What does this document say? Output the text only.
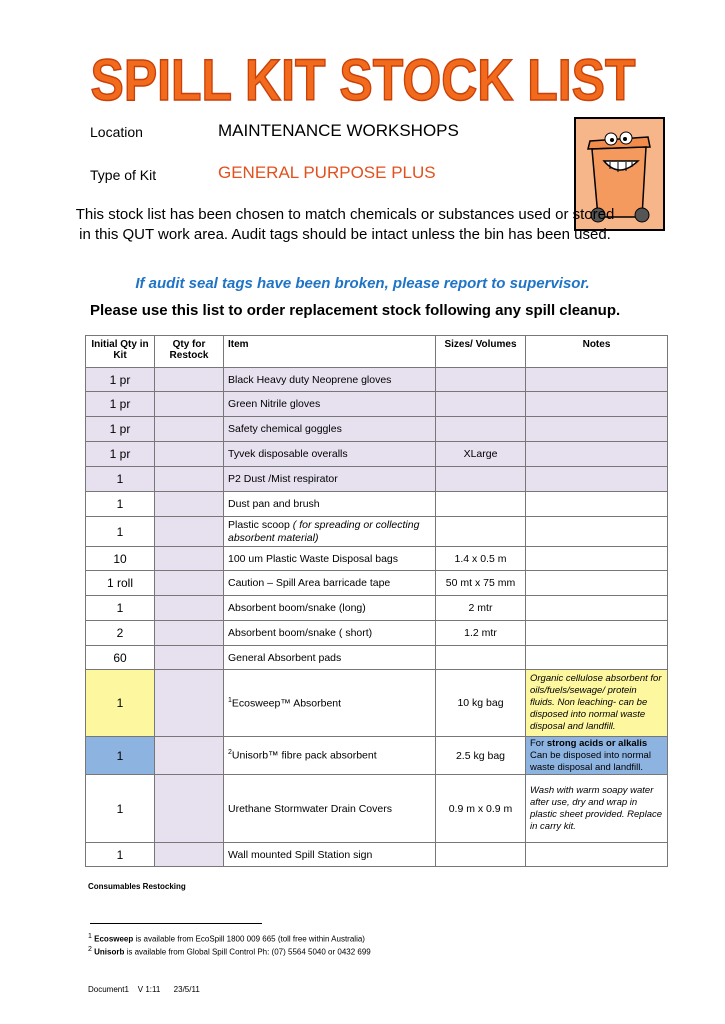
SPILL KIT STOCK LIST
Location	MAINTENANCE WORKSHOPS
Type of Kit	GENERAL PURPOSE PLUS
This stock list has been chosen to match chemicals or substances used or stored in this QUT work area. Audit tags should be intact unless the bin has been used.
If audit seal tags have been broken, please report to supervisor.
Please use this list to order replacement stock following any spill cleanup.
Initial Qty in Kit	Qty for Restock	Item	Sizes/ Volumes	Notes
1 pr		Black Heavy duty Neoprene gloves		
1 pr		Green Nitrile gloves		
1 pr		Safety chemical goggles		
1 pr		Tyvek disposable overalls	XLarge	
1		P2 Dust /Mist respirator		
1		Dust pan and brush		
1		Plastic scoop ( for spreading or collecting absorbent material)		
10		100 um Plastic Waste Disposal bags	1.4 x 0.5 m	
1 roll		Caution – Spill Area barricade tape	50 mt x 75 mm	
1		Absorbent boom/snake (long)	2 mtr	
2		Absorbent boom/snake ( short)	1.2 mtr	
60		General Absorbent pads		
1		$^1$Ecosweep™ Absorbent	10 kg bag	Organic cellulose absorbent for oils/fuels/sewage/ protein fluids. Non leaching- can be disposed into normal waste disposal and landfill.
1		$^2$Unisorb™ fibre pack absorbent	2.5 kg bag	For strong acids or alkalis Can be disposed into normal waste disposal and landfill.
1		Urethane Stormwater Drain Covers	0.9 m x 0.9 m	Wash with warm soapy water after use, dry and wrap in plastic sheet provided. Replace in carry kit.
1		Wall mounted Spill Station sign		
Consumables Restocking
$^1$ Ecosweep is available from EcoSpill 1800 009 665 (toll free within Australia)
$^2$ Unisorb is available from Global Spill Control Ph: (07) 5564 5040 or 0432 699
Document1    V 1:11      23/5/11
